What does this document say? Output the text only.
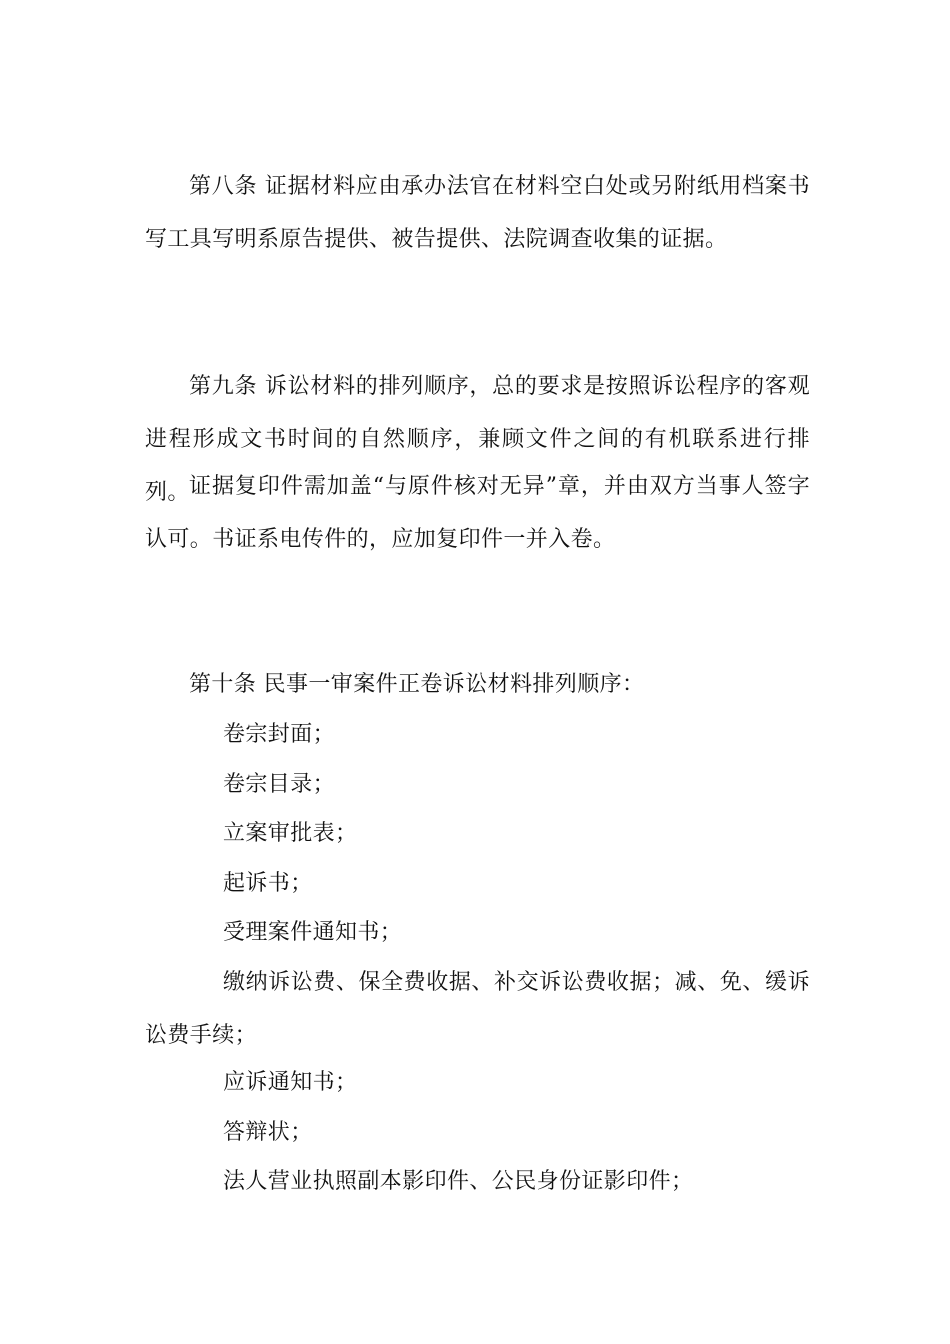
第八条 证据材料应由承办法官在材料空白处或另附纸用档案书写工具写明系原告提供、被告提供、法院调查收集的证据。

第九条 诉讼材料的排列顺序，总的要求是按照诉讼程序的客观进程形成文书时间的自然顺序，兼顾文件之间的有机联系进行排列。 证据复印件需加盖“与原件核对无异”章，并由双方当事人签字认可。书证系电传件的，应加复印件一并入卷。

第十条 民事一审案件正卷诉讼材料排列顺序：

卷宗封面；

卷宗目录；

立案审批表；

起诉书；

受理案件通知书；

缴纳诉讼费、保全费收据、补交诉讼费收据；减、免、缓诉讼费手续；

应诉通知书；

答辩状；

法人营业执照副本影印件、公民身份证影印件；
